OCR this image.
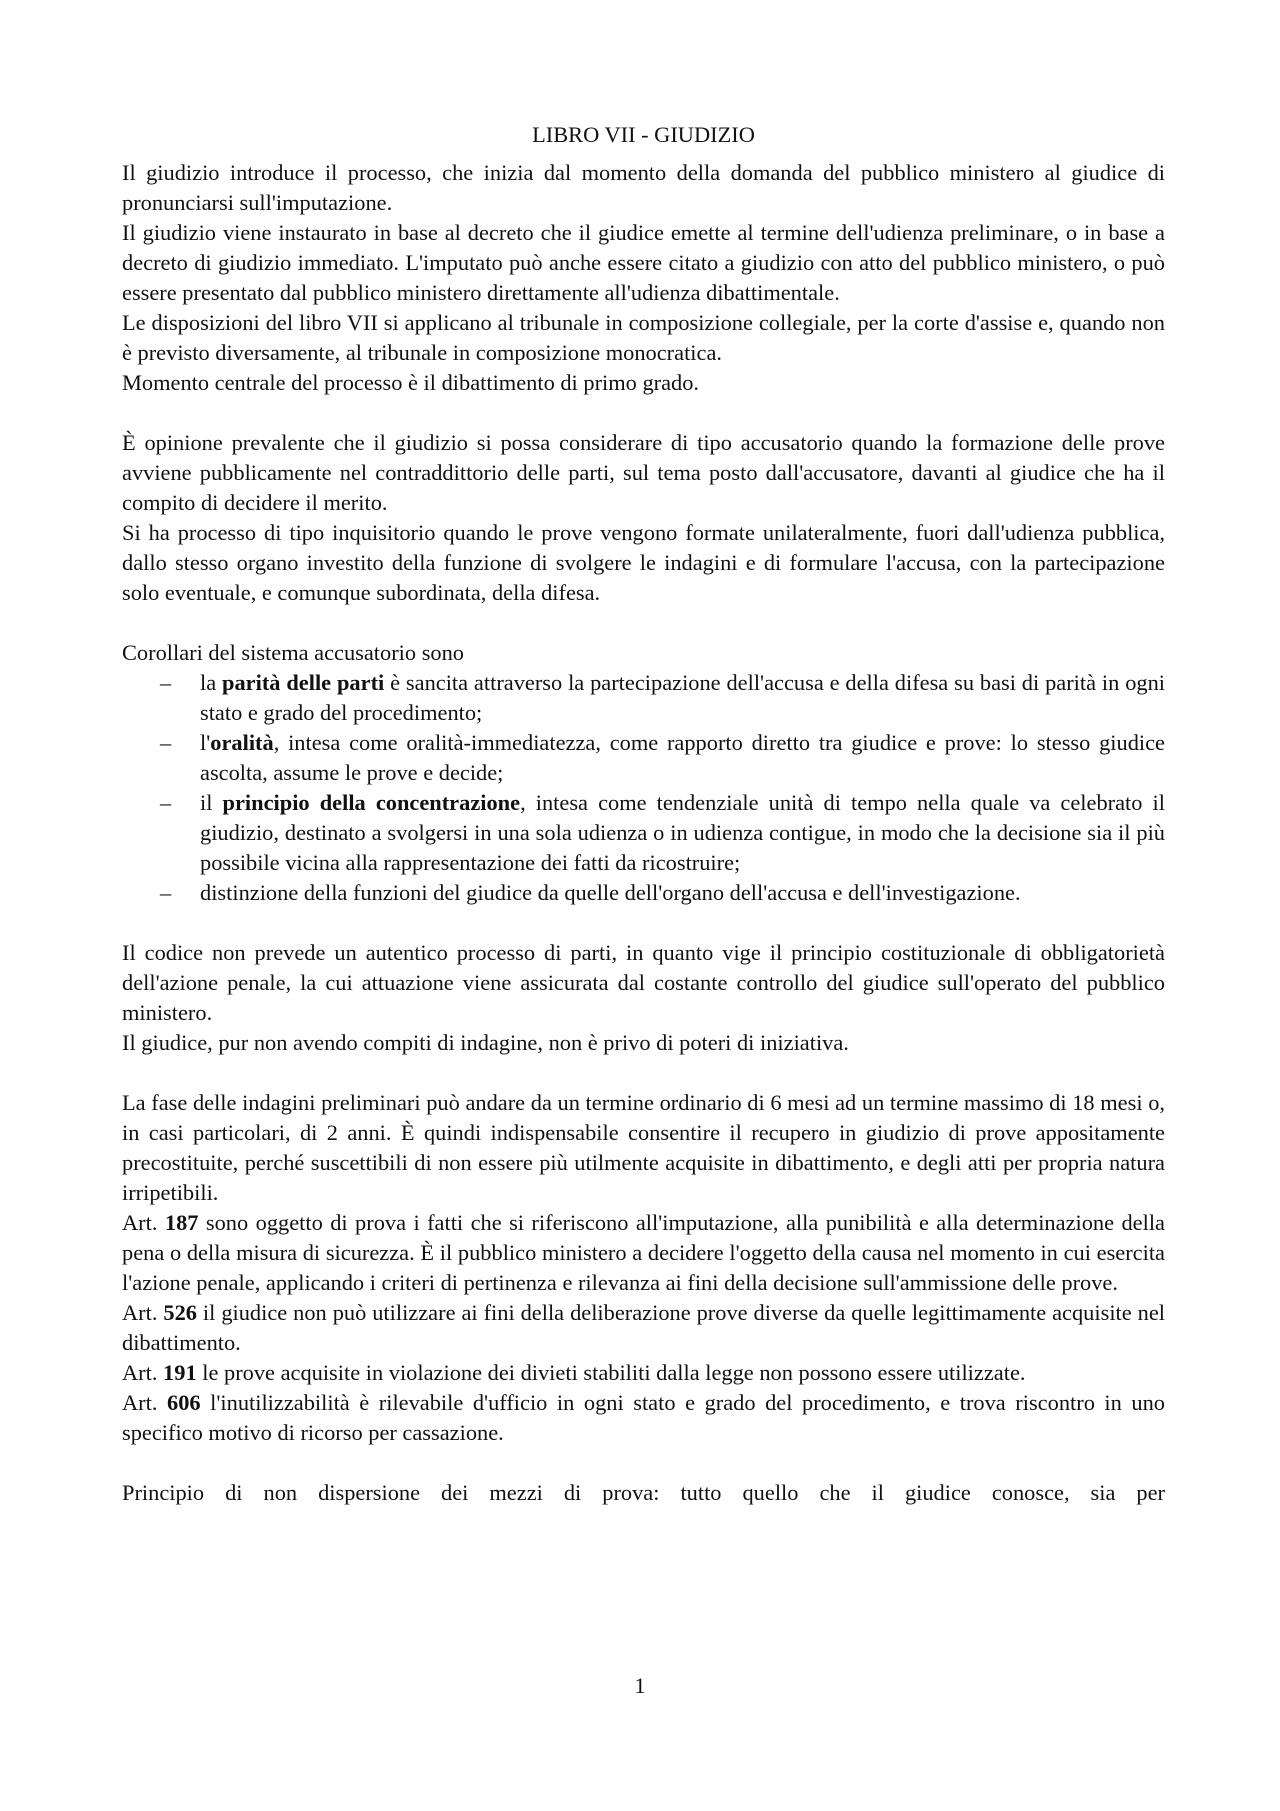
LIBRO VII - GIUDIZIO

Il giudizio introduce il processo, che inizia dal momento della domanda del pubblico ministero al giudice di pronunciarsi sull'imputazione.

Il giudizio viene instaurato in base al decreto che il giudice emette al termine dell'udienza preliminare, o in base a decreto di giudizio immediato. L'imputato può anche essere citato a giudizio con atto del pubblico ministero, o può essere presentato dal pubblico ministero direttamente all'udienza dibattimentale.

Le disposizioni del libro VII si applicano al tribunale in composizione collegiale, per la corte d'assise e, quando non è previsto diversamente, al tribunale in composizione monocratica.

Momento centrale del processo è il dibattimento di primo grado.

È opinione prevalente che il giudizio si possa considerare di tipo accusatorio quando la formazione delle prove avviene pubblicamente nel contraddittorio delle parti, sul tema posto dall'accusatore, davanti al giudice che ha il compito di decidere il merito.

Si ha processo di tipo inquisitorio quando le prove vengono formate unilateralmente, fuori dall'udienza pubblica, dallo stesso organo investito della funzione di svolgere le indagini e di formulare l'accusa, con la partecipazione solo eventuale, e comunque subordinata, della difesa.

Corollari del sistema accusatorio sono

– la parità delle parti è sancita attraverso la partecipazione dell'accusa e della difesa su basi di parità in ogni stato e grado del procedimento;
– l'oralità, intesa come oralità-immediatezza, come rapporto diretto tra giudice e prove: lo stesso giudice ascolta, assume le prove e decide;
– il principio della concentrazione, intesa come tendenziale unità di tempo nella quale va celebrato il giudizio, destinato a svolgersi in una sola udienza o in udienza contigue, in modo che la decisione sia il più possibile vicina alla rappresentazione dei fatti da ricostruire;
– distinzione della funzioni del giudice da quelle dell'organo dell'accusa e dell'investigazione.

Il codice non prevede un autentico processo di parti, in quanto vige il principio costituzionale di obbligatorietà dell'azione penale, la cui attuazione viene assicurata dal costante controllo del giudice sull'operato del pubblico ministero.

Il giudice, pur non avendo compiti di indagine, non è privo di poteri di iniziativa.

La fase delle indagini preliminari può andare da un termine ordinario di 6 mesi ad un termine massimo di 18 mesi o, in casi particolari, di 2 anni. È quindi indispensabile consentire il recupero in giudizio di prove appositamente precostituite, perché suscettibili di non essere più utilmente acquisite in dibattimento, e degli atti per propria natura irripetibili.

Art. 187 sono oggetto di prova i fatti che si riferiscono all'imputazione, alla punibilità e alla determinazione della pena o della misura di sicurezza. È il pubblico ministero a decidere l'oggetto della causa nel momento in cui esercita l'azione penale, applicando i criteri di pertinenza e rilevanza ai fini della decisione sull'ammissione delle prove.

Art. 526 il giudice non può utilizzare ai fini della deliberazione prove diverse da quelle legittimamente acquisite nel dibattimento.

Art. 191 le prove acquisite in violazione dei divieti stabiliti dalla legge non possono essere utilizzate.

Art. 606 l'inutilizzabilità è rilevabile d'ufficio in ogni stato e grado del procedimento, e trova riscontro in uno specifico motivo di ricorso per cassazione.

Principio di non dispersione dei mezzi di prova: tutto quello che il giudice conosce, sia per

1
